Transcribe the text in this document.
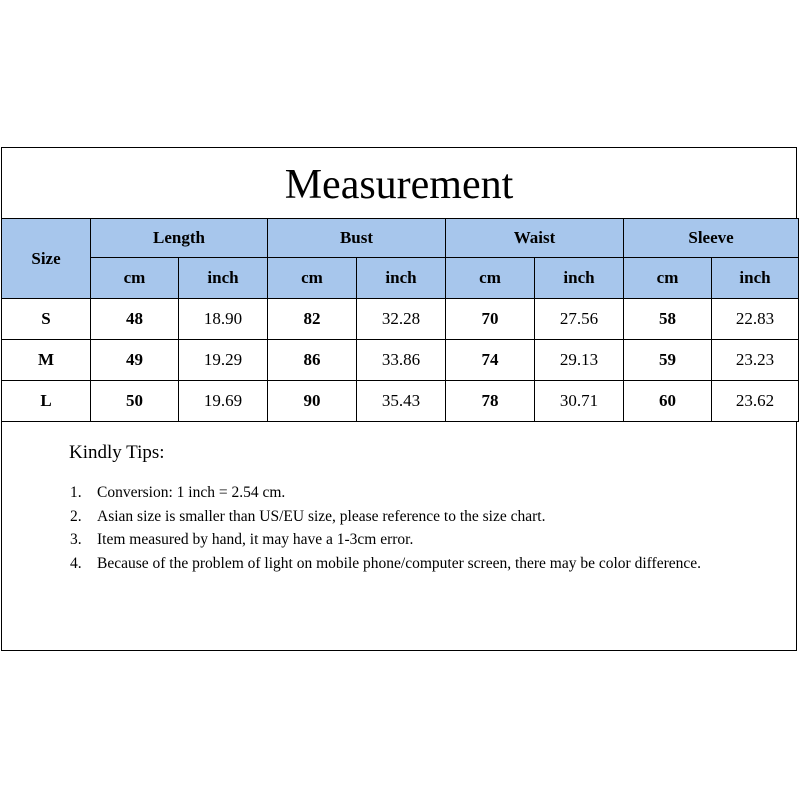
Measurement
Size	Length		Bust		Waist		Sleeve	
	cm	inch	cm	inch	cm	inch	cm	inch
S	48	18.90	82	32.28	70	27.56	58	22.83
M	49	19.29	86	33.86	74	29.13	59	23.23
L	50	19.69	90	35.43	78	30.71	60	23.62
Kindly Tips:
1. Conversion: 1 inch = 2.54 cm.
2. Asian size is smaller than US/EU size, please reference to the size chart.
3. Item measured by hand, it may have a 1-3cm error.
4. Because of the problem of light on mobile phone/computer screen, there may be color difference.
